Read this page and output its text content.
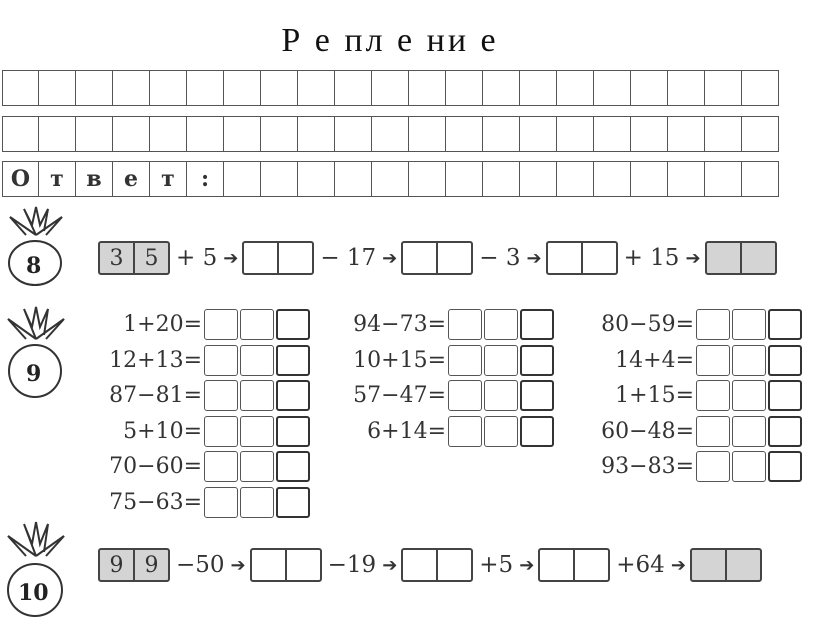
Р е пл е ни е
О т	в	е	т	:
8	3 5 + 5 ➔	− 17 ➔	− 3 ➔	+ 15 ➔
9
1+20=
12+13=
87−81=
5+10=
70−60=
75−63=
94−73=
10+15=
57−47=
6+14=
80−59=
14+4=
1+15=
60−48=
93−83=
10
9 9 −50 ➔	−19 ➔	+5 ➔	+64 ➔
